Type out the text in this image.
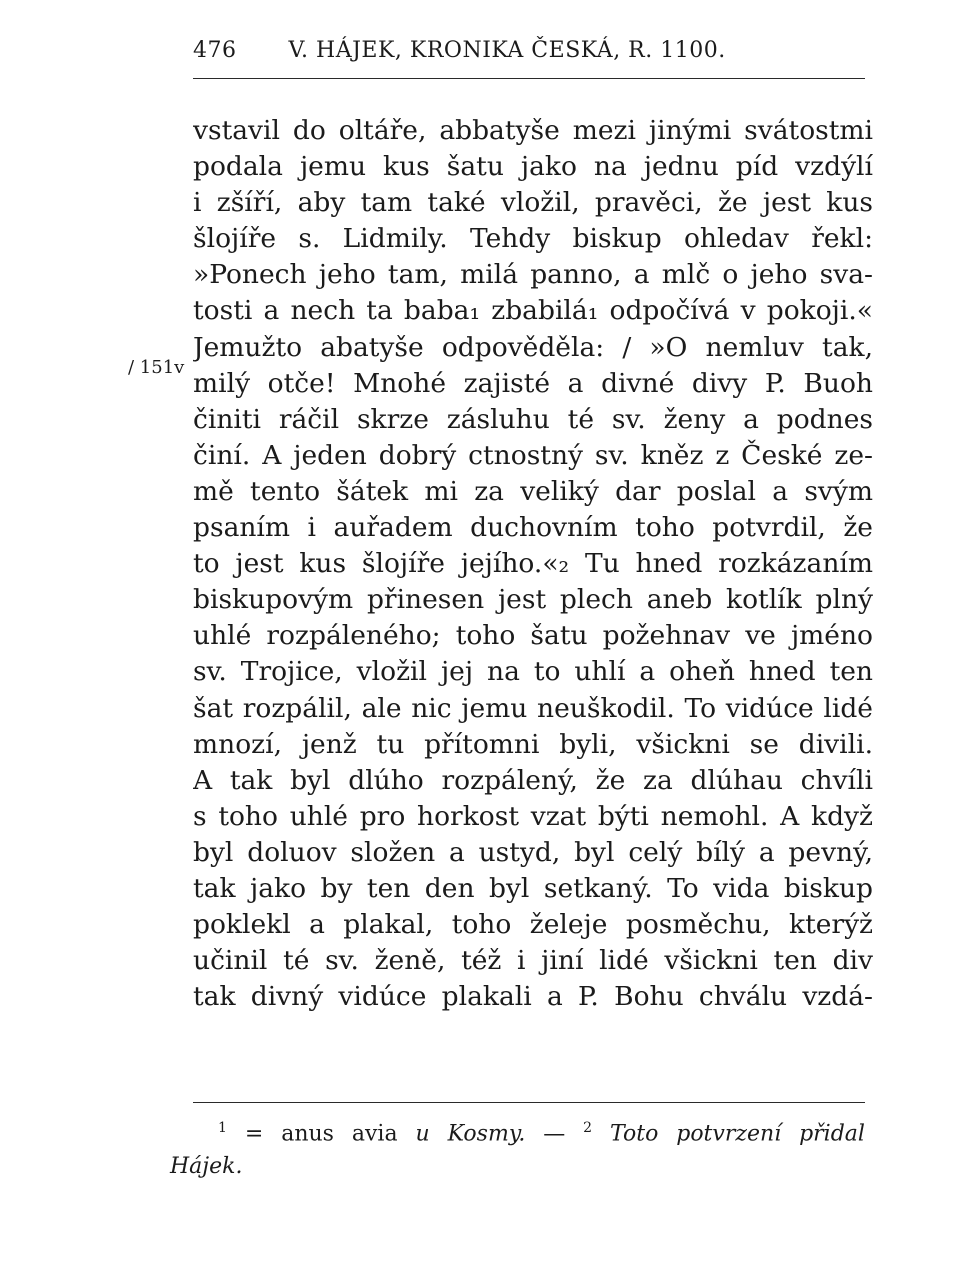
476 V. HÁJEK, KRONIKA ČESKÁ, R. 1100.
/ 151v
vstavil do oltáře, abbatyše mezi jinými svátostmi
podala jemu kus šatu jako na jednu píd vzdýlí
i zšíří, aby tam také vložil, pravěci, že jest kus
šlojíře s. Lidmily. Tehdy biskup ohledav řekl:
»Ponech jeho tam, milá panno, a mlč o jeho sva-
tosti a nech ta baba₁ zbabilá₁ odpočívá v pokoji.«
Jemužto abatyše odpověděla: / »O nemluv tak,
milý otče! Mnohé zajisté a divné divy P. Buoh
činiti ráčil skrze zásluhu té sv. ženy a podnes
činí. A jeden dobrý ctnostný sv. kněz z České ze-
mě tento šátek mi za veliký dar poslal a svým
psaním i auřadem duchovním toho potvrdil, že
to jest kus šlojíře jejího.«₂ Tu hned rozkázaním
biskupovým přinesen jest plech aneb kotlík plný
uhlé rozpáleného; toho šatu požehnav ve jméno
sv. Trojice, vložil jej na to uhlí a oheň hned ten
šat rozpálil, ale nic jemu neuškodil. To vidúce lidé
mnozí, jenž tu přítomni byli, všickni se divili.
A tak byl dlúho rozpálený, že za dlúhau chvíli
s toho uhlé pro horkost vzat býti nemohl. A když
byl doluov složen a ustyd, byl celý bílý a pevný,
tak jako by ten den byl setkaný. To vida biskup
poklekl a plakal, toho želeje posměchu, kterýž
učinil té sv. ženě, též i jiní lidé všickni ten div
tak divný vidúce plakali a P. Bohu chválu vzdá-
$^1$ = anus avia u Kosmy. — $^2$ Toto potvrzení přidal
Hájek.
